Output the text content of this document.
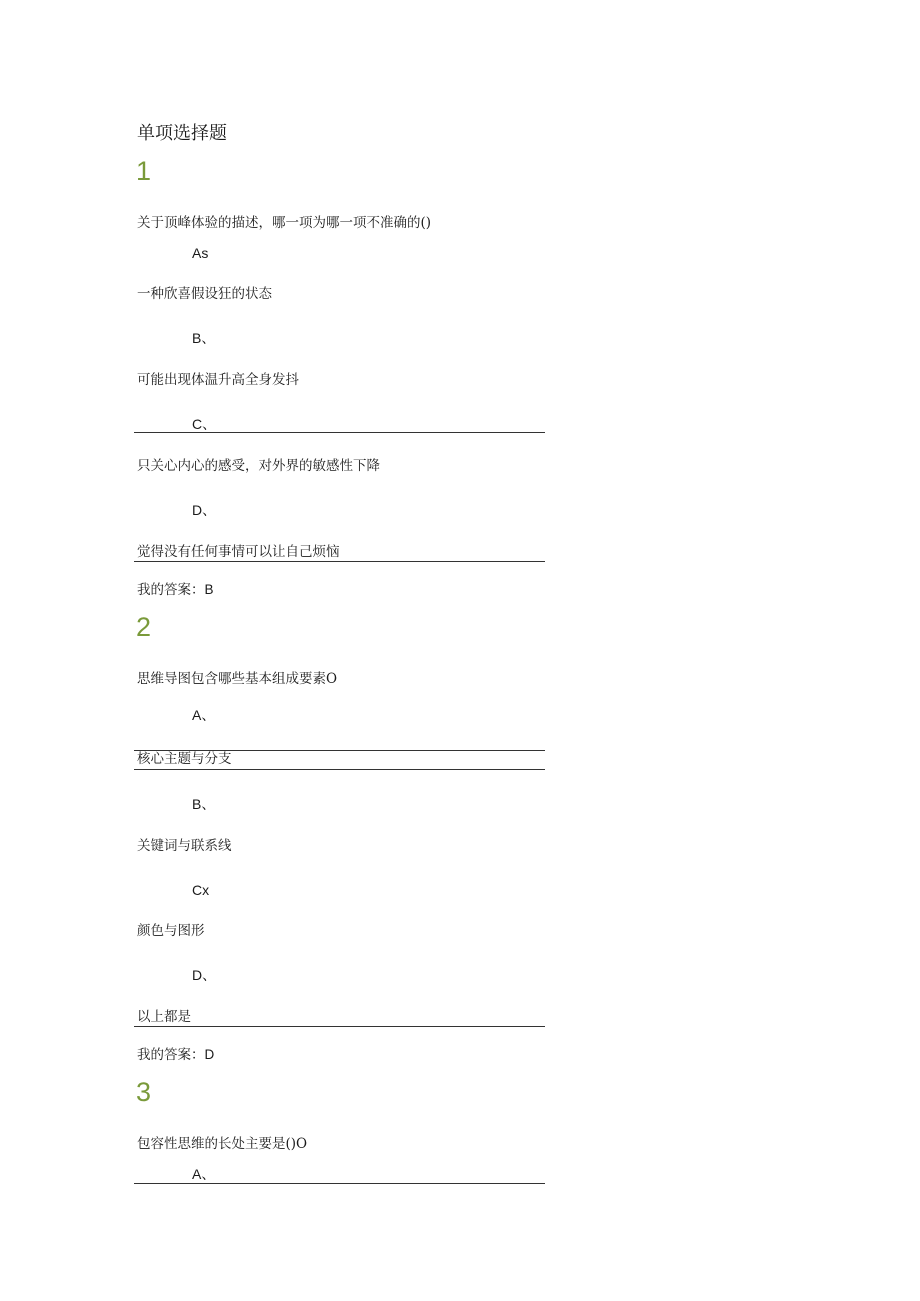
单项选择题
1
关于顶峰体验的描述，哪一项为哪一项不准确的()
As
一种欣喜假设狂的状态
B、
可能出现体温升高全身发抖
C、
只关心内心的感受，对外界的敏感性下降
D、
觉得没有任何事情可以让自己烦恼
我的答案：B
2
思维导图包含哪些基本组成要素O
A、
核心主题与分支
B、
关键词与联系线
Cx
颜色与图形
D、
以上都是
我的答案：D
3
包容性思维的长处主要是()O
A、
